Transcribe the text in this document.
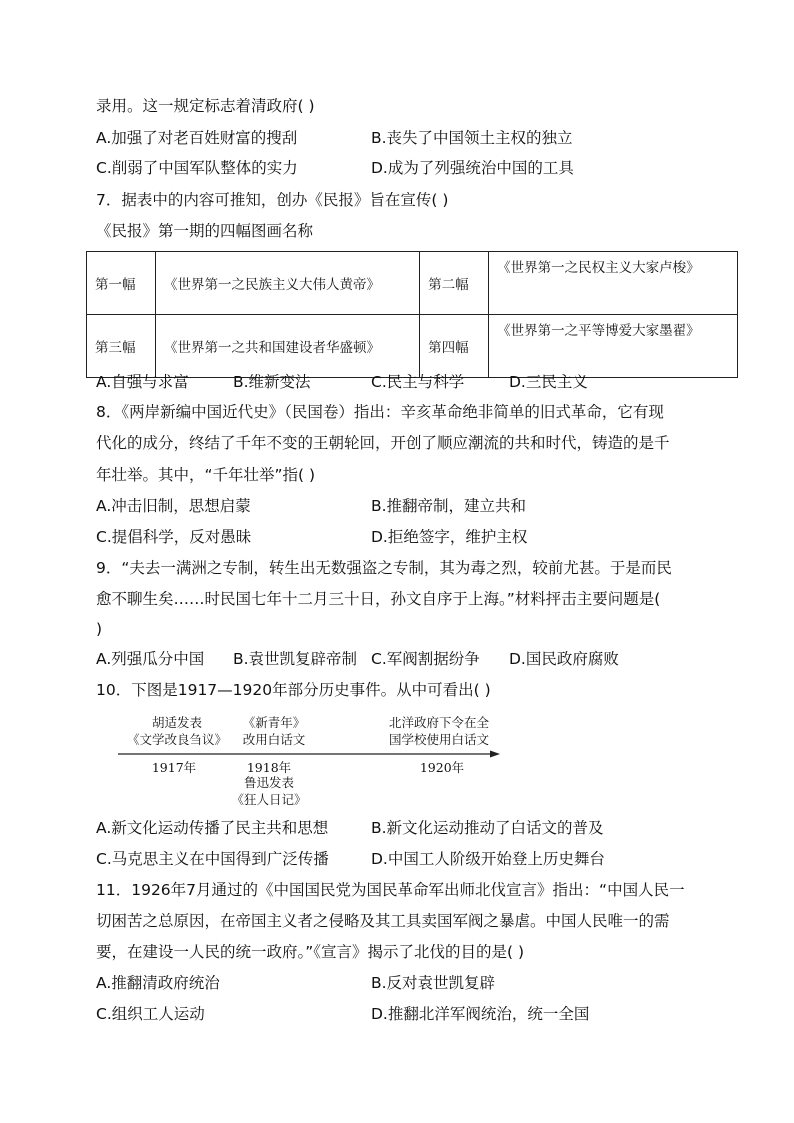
录用。这一规定标志着清政府( )
A.加强了对老百姓财富的搜刮	B.丧失了中国领土主权的独立
C.削弱了中国军队整体的实力	D.成为了列强统治中国的工具
7．据表中的内容可推知，创办《民报》旨在宣传( )
《民报》第一期的四幅图画名称
第一幅	《世界第一之民族主义大伟人黄帝》	第二幅	《世界第一之民权主义大家卢梭》
第三幅	《世界第一之共和国建设者华盛顿》	第四幅	《世界第一之平等博爱大家墨翟》
A.自强与求富	B.维新变法	C.民主与科学	D.三民主义
8．《两岸新编中国近代史》（民国卷）指出：辛亥革命绝非简单的旧式革命，它有现
代化的成分，终结了千年不变的王朝轮回，开创了顺应潮流的共和时代，铸造的是千
年壮举。其中，“千年壮举”指( )
A.冲击旧制，思想启蒙	B.推翻帝制，建立共和
C.提倡科学，反对愚昧	D.拒绝签字，维护主权
9．“夫去一满洲之专制，转生出无数强盗之专制，其为毒之烈，较前尤甚。于是而民
愈不聊生矣……时民国七年十二月三十日，孙文自序于上海。”材料抨击主要问题是(
)
A.列强瓜分中国 B.袁世凯复辟帝制 C.军阀割据纷争 D.国民政府腐败
10．下图是1917—1920年部分历史事件。从中可看出( )
胡适发表
《文学改良刍议》
《新青年》
改用白话文
北洋政府下令在全
国学校使用白话文
1917年	1918年	1920年
鲁迅发表
《狂人日记》
A.新文化运动传播了民主共和思想	B.新文化运动推动了白话文的普及
C.马克思主义在中国得到广泛传播	D.中国工人阶级开始登上历史舞台
11．1926年7月通过的《中国国民党为国民革命军出师北伐宣言》指出：“中国人民一
切困苦之总原因，在帝国主义者之侵略及其工具卖国军阀之暴虐。中国人民唯一的需
要，在建设一人民的统一政府。”《宣言》揭示了北伐的目的是( )
A.推翻清政府统治	B.反对袁世凯复辟
C.组织工人运动	D.推翻北洋军阀统治，统一全国
